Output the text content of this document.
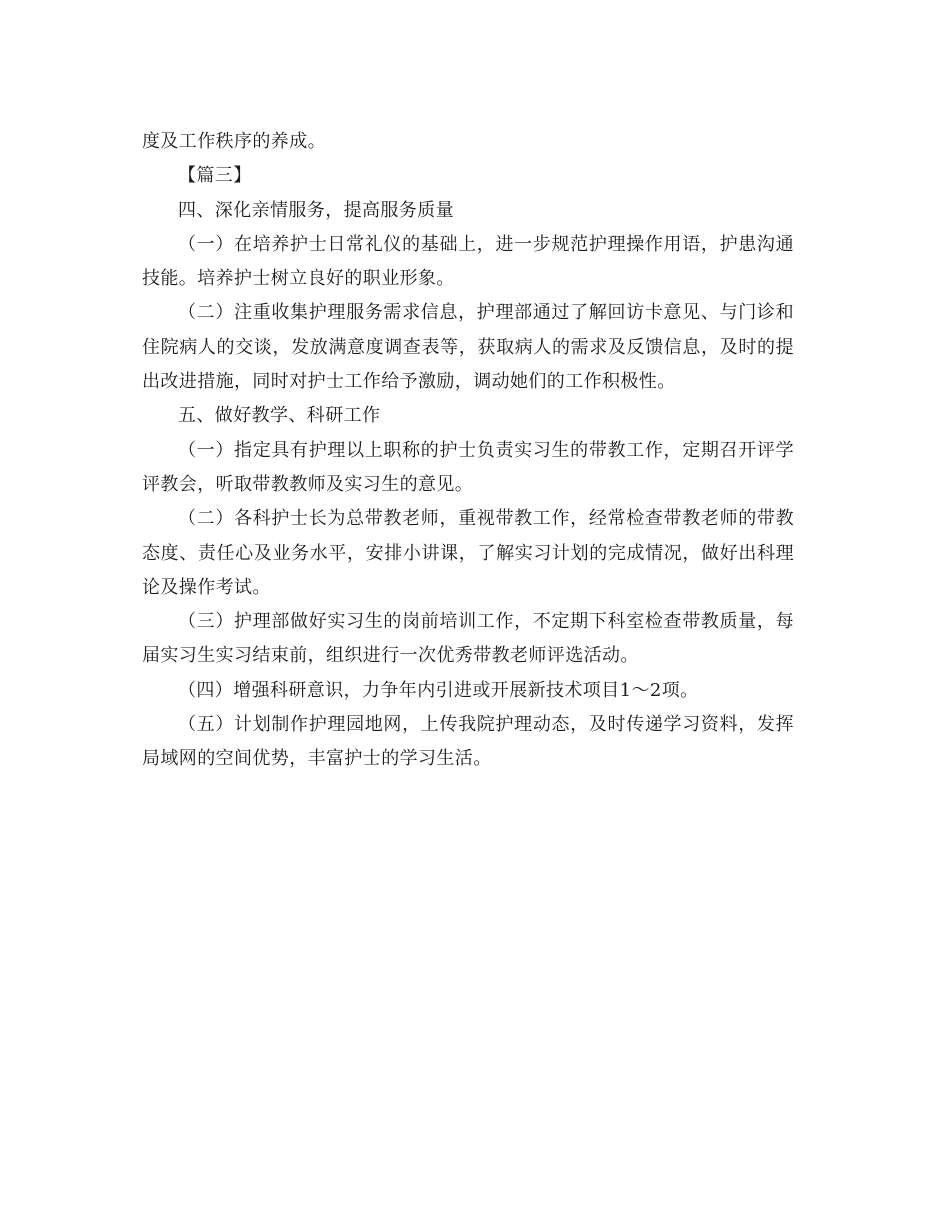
度及工作秩序的养成。

【篇三】

四、深化亲情服务，提高服务质量

（一）在培养护士日常礼仪的基础上，进一步规范护理操作用语，护患沟通技能。培养护士树立良好的职业形象。

（二）注重收集护理服务需求信息，护理部通过了解回访卡意见、与门诊和住院病人的交谈，发放满意度调查表等，获取病人的需求及反馈信息，及时的提出改进措施，同时对护士工作给予激励，调动她们的工作积极性。

五、做好教学、科研工作

（一）指定具有护理以上职称的护士负责实习生的带教工作，定期召开评学评教会，听取带教教师及实习生的意见。

（二）各科护士长为总带教老师，重视带教工作，经常检查带教老师的带教态度、责任心及业务水平，安排小讲课，了解实习计划的完成情况，做好出科理论及操作考试。

（三）护理部做好实习生的岗前培训工作，不定期下科室检查带教质量，每届实习生实习结束前，组织进行一次优秀带教老师评选活动。

（四）增强科研意识，力争年内引进或开展新技术项目1～2项。

（五）计划制作护理园地网，上传我院护理动态，及时传递学习资料，发挥局域网的空间优势，丰富护士的学习生活。
